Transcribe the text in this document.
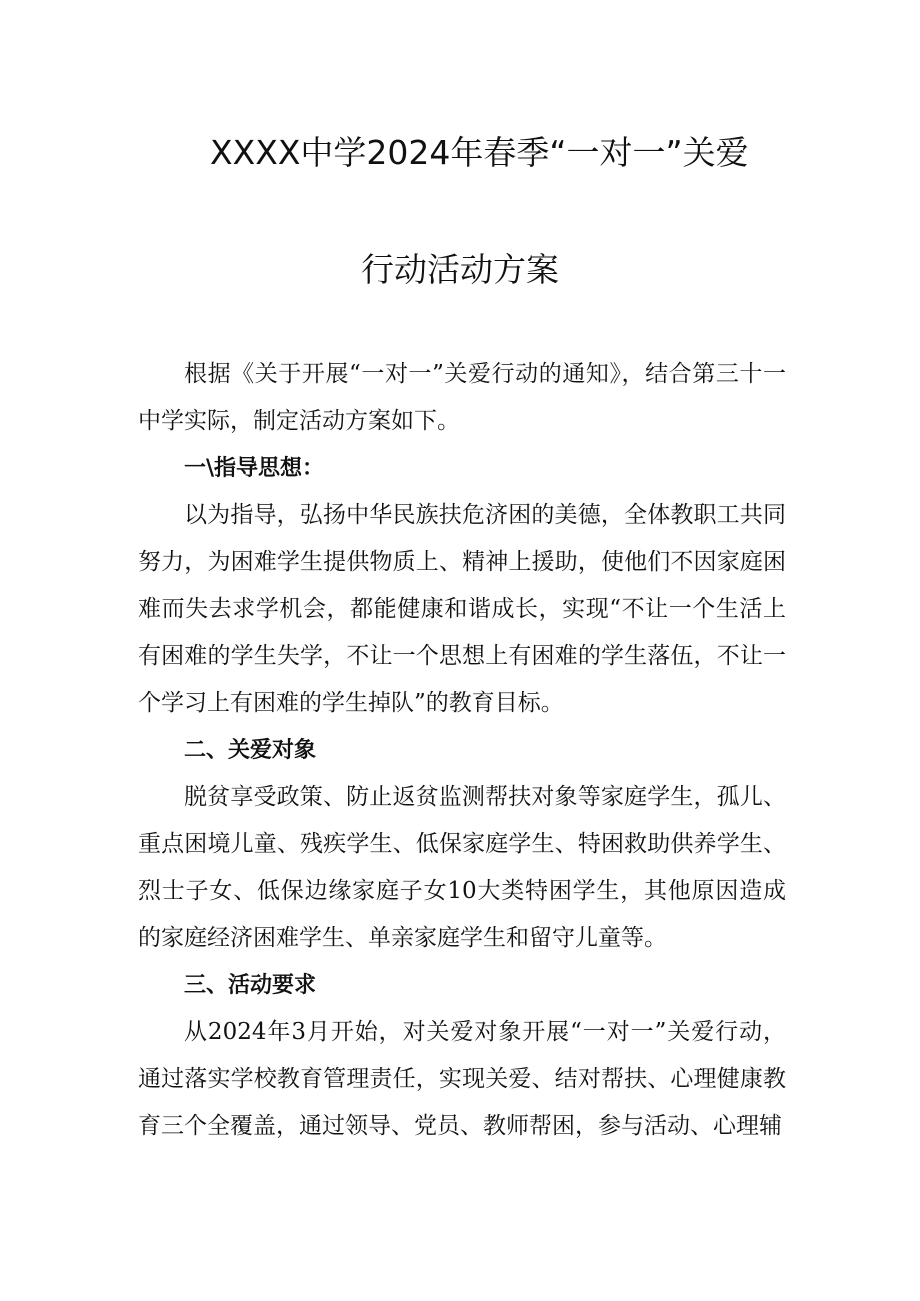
XXXX中学2024年春季“一对一”关爱
行动活动方案

根据《关于开展“一对一”关爱行动的通知》，结合第三十一中学实际，制定活动方案如下。

一\指导思想：

以为指导，弘扬中华民族扶危济困的美德，全体教职工共同努力，为困难学生提供物质上、精神上援助，使他们不因家庭困难而失去求学机会，都能健康和谐成长，实现“不让一个生活上有困难的学生失学，不让一个思想上有困难的学生落伍，不让一个学习上有困难的学生掉队”的教育目标。

二、关爱对象

脱贫享受政策、防止返贫监测帮扶对象等家庭学生，孤儿、重点困境儿童、残疾学生、低保家庭学生、特困救助供养学生、烈士子女、低保边缘家庭子女10大类特困学生，其他原因造成的家庭经济困难学生、单亲家庭学生和留守儿童等。

三、活动要求

从2024年3月开始，对关爱对象开展“一对一”关爱行动，通过落实学校教育管理责任，实现关爱、结对帮扶、心理健康教育三个全覆盖，通过领导、党员、教师帮困，参与活动、心理辅
